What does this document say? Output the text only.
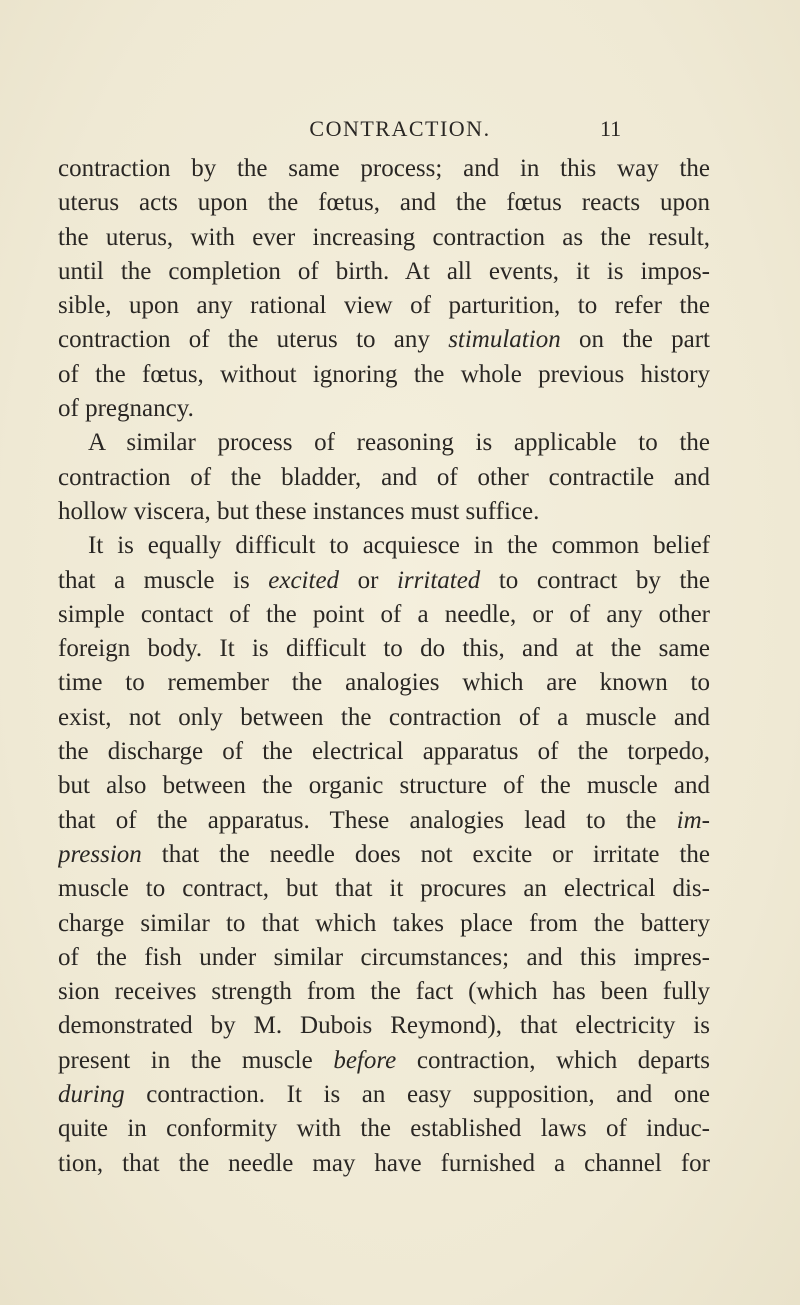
CONTRACTION.	11
contraction by the same process; and in this way the
uterus acts upon the fœtus, and the fœtus reacts upon
the uterus, with ever increasing contraction as the result,
until the completion of birth. At all events, it is impos-
sible, upon any rational view of parturition, to refer the
contraction of the uterus to any stimulation on the part
of the fœtus, without ignoring the whole previous history
of pregnancy.
A similar process of reasoning is applicable to the
contraction of the bladder, and of other contractile and
hollow viscera, but these instances must suffice.
It is equally difficult to acquiesce in the common belief
that a muscle is excited or irritated to contract by the
simple contact of the point of a needle, or of any other
foreign body. It is difficult to do this, and at the same
time to remember the analogies which are known to
exist, not only between the contraction of a muscle and
the discharge of the electrical apparatus of the torpedo,
but also between the organic structure of the muscle and
that of the apparatus. These analogies lead to the im-
pression that the needle does not excite or irritate the
muscle to contract, but that it procures an electrical dis-
charge similar to that which takes place from the battery
of the fish under similar circumstances; and this impres-
sion receives strength from the fact (which has been fully
demonstrated by M. Dubois Reymond), that electricity is
present in the muscle before contraction, which departs
during contraction. It is an easy supposition, and one
quite in conformity with the established laws of induc-
tion, that the needle may have furnished a channel for
